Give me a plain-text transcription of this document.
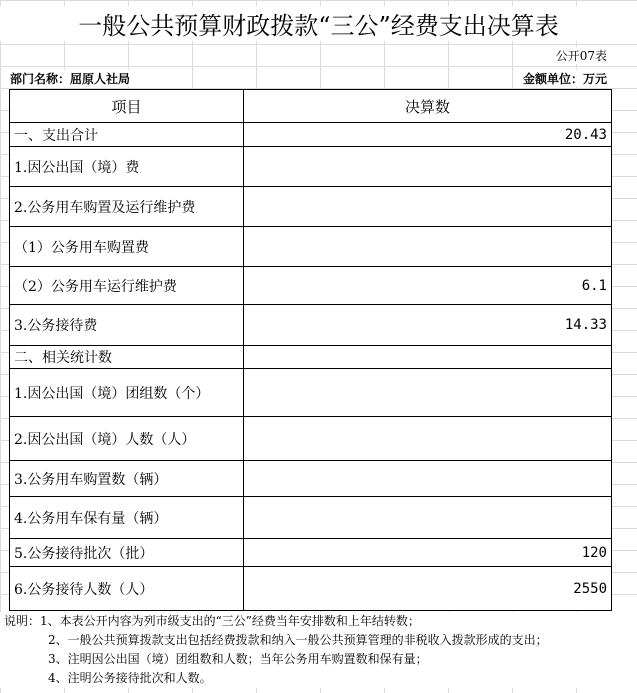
一般公共预算财政拨款“三公”经费支出决算表
公开07表
部门名称：屈原人社局	金额单位：万元
项目	决算数
一、支出合计	20.43
1.因公出国（境）费	
2.公务用车购置及运行维护费	
（1）公务用车购置费	
（2）公务用车运行维护费	6.1
3.公务接待费	14.33
二、相关统计数	
1.因公出国（境）团组数（个）	
2.因公出国（境）人数（人）	
3.公务用车购置数（辆）	
4.公务用车保有量（辆）	
5.公务接待批次（批）	120
6.公务接待人数（人）	2550
说明：1、本表公开内容为列市级支出的“三公”经费当年安排数和上年结转数；
2、一般公共预算拨款支出包括经费拨款和纳入一般公共预算管理的非税收入拨款形成的支出；
3、注明因公出国（境）团组数和人数；当年公务用车购置数和保有量；
4、注明公务接待批次和人数。
